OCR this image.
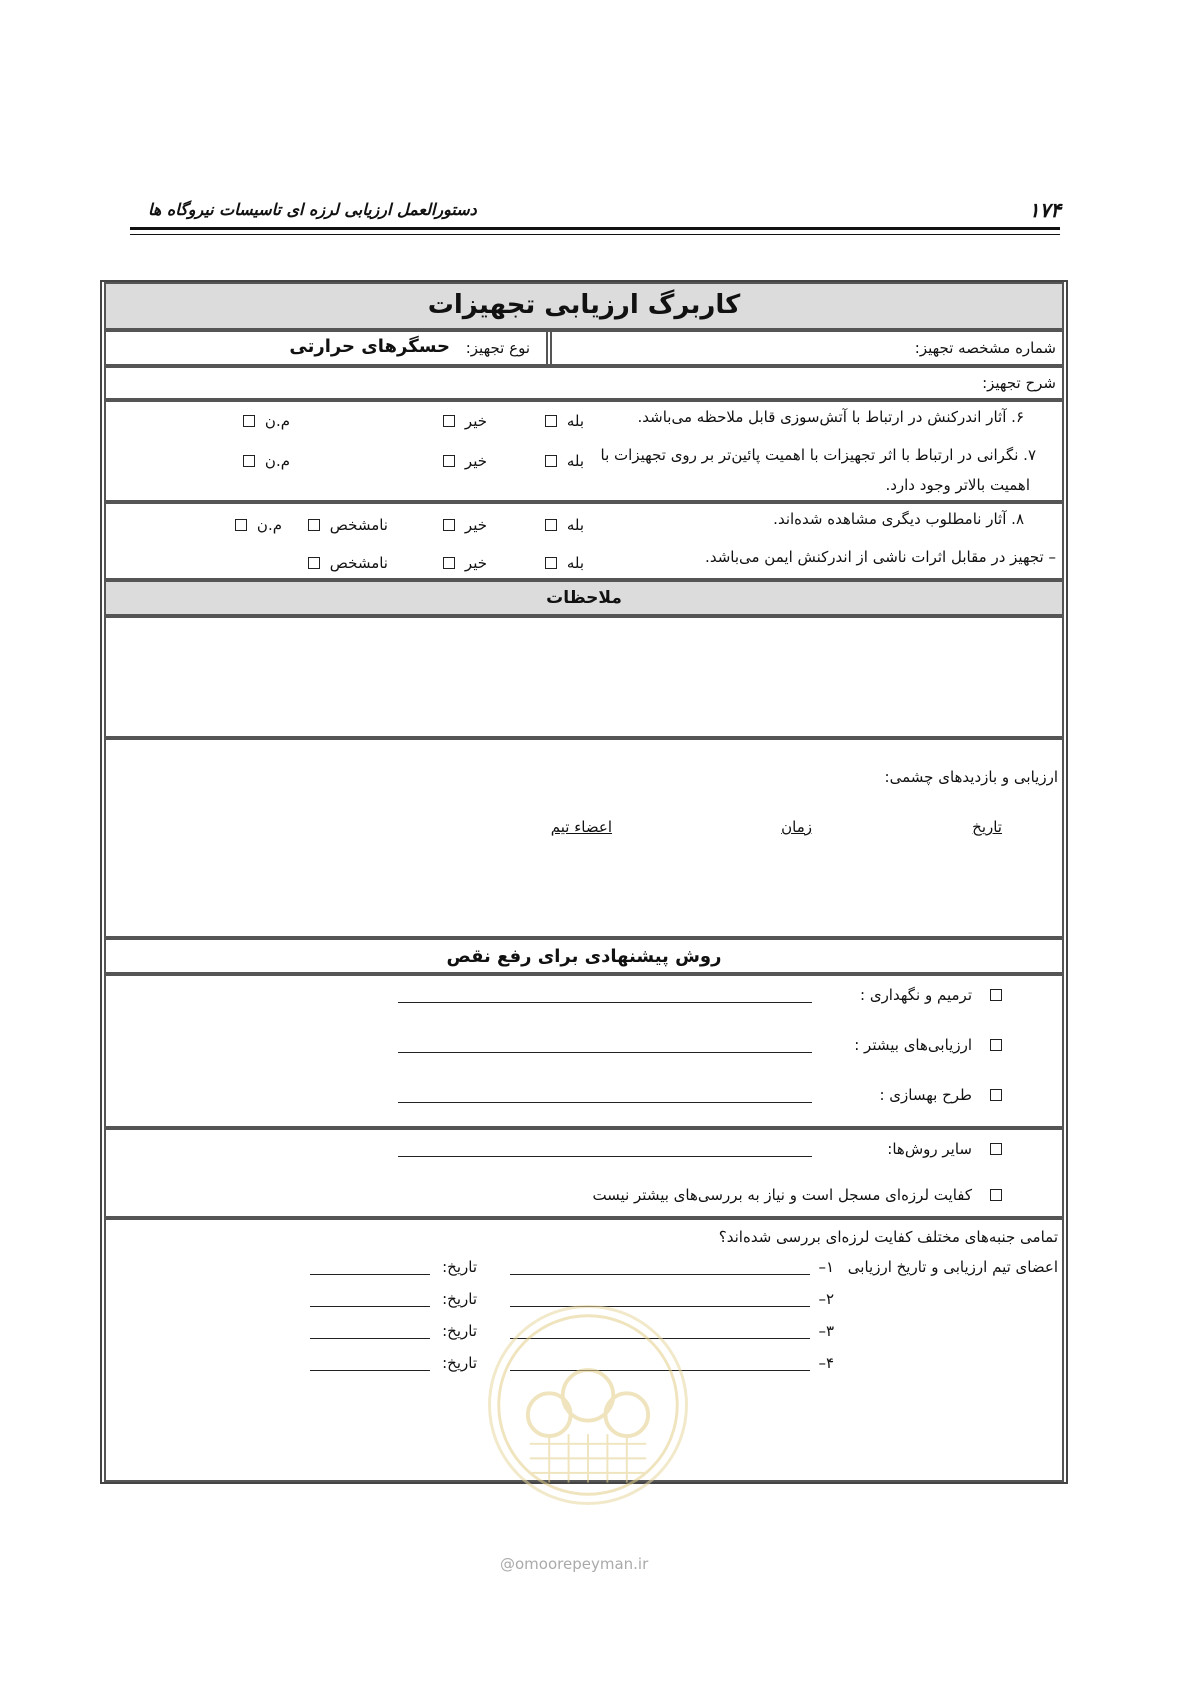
دستورالعمل ارزیابی لرزه ای تاسیسات نیروگاه ها	۱۷۴
کاربرگ ارزیابی تجهیزات
شماره مشخصه تجهیز:
نوع تجهیز:
حسگرهای حرارتی
شرح تجهیز:
۶. آثار اندرکنش در ارتباط با آتش‌سوزی قابل ملاحظه می‌باشد.
بله
خیر
م.ن
۷. نگرانی در ارتباط با اثر تجهیزات با اهمیت پائین‌تر بر روی تجهیزات با
اهمیت بالاتر وجود دارد.
بله
خیر
م.ن
۸. آثار نامطلوب دیگری مشاهده شده‌اند.
بله
خیر
نامشخص
م.ن
– تجهیز در مقابل اثرات ناشی از اندرکنش ایمن می‌باشد.
بله
خیر
نامشخص
ملاحظات
ارزیابی و بازدیدهای چشمی:
تاریخ
زمان
اعضاء تیم
روش پیشنهادی برای رفع نقص
ترمیم و نگهداری :
ارزیابی‌های بیشتر :
طرح بهسازی :
سایر روش‌ها:
کفایت لرزه‌ای مسجل است و نیاز به بررسی‌های بیشتر نیست
تمامی جنبه‌های مختلف کفایت لرزه‌ای بررسی شده‌اند؟
اعضای تیم ارزیابی و تاریخ ارزیابی
۱–
تاریخ:
۲–
تاریخ:
۳–
تاریخ:
۴–
تاریخ:
@omoorepeyman.ir
